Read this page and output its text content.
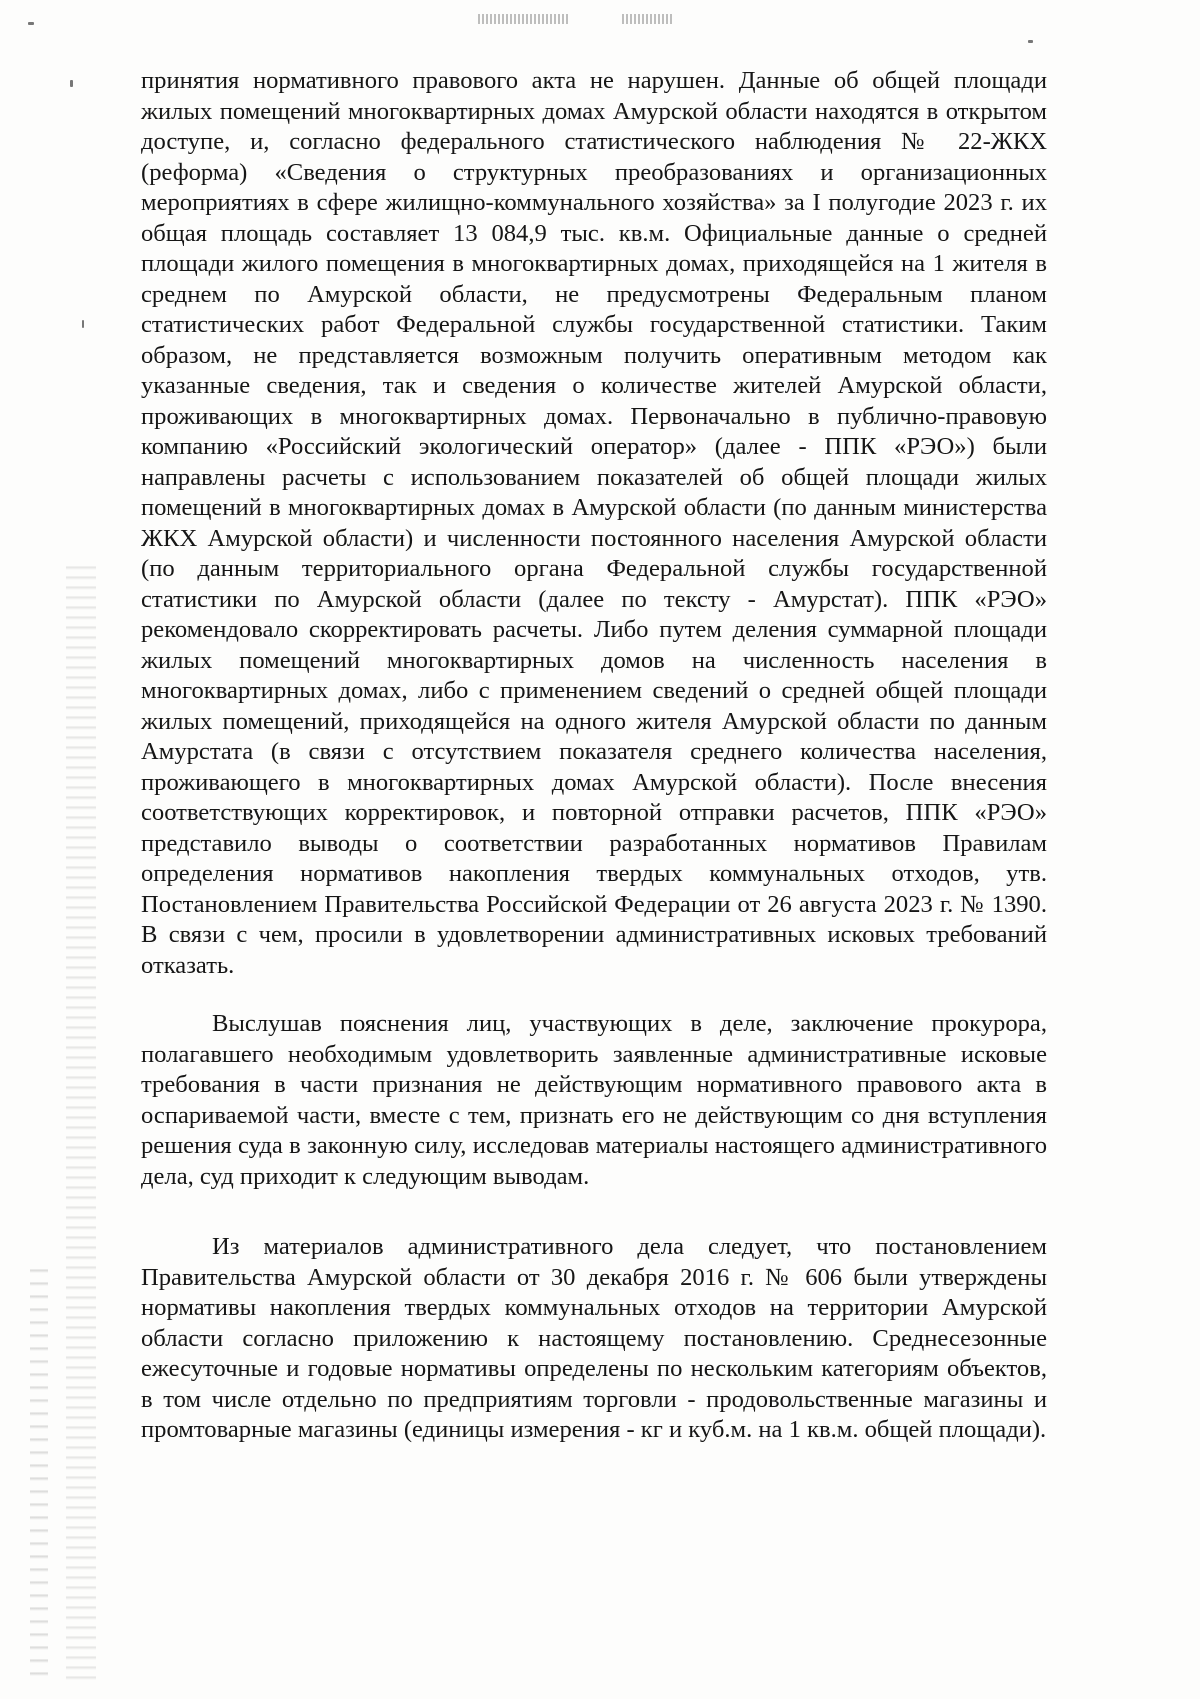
принятия нормативного правового акта не нарушен. Данные об общей площади жилых помещений многоквартирных домах Амурской области находятся в открытом доступе, и, согласно федерального статистического наблюдения № 22-ЖКХ (реформа) «Сведения о структурных преобразованиях и организационных мероприятиях в сфере жилищно-коммунального хозяйства» за I полугодие 2023 г. их общая площадь составляет 13 084,9 тыс. кв.м. Официальные данные о средней площади жилого помещения в многоквартирных домах, приходящейся на 1 жителя в среднем по Амурской области, не предусмотрены Федеральным планом статистических работ Федеральной службы государственной статистики. Таким образом, не представляется возможным получить оперативным методом как указанные сведения, так и сведения о количестве жителей Амурской области, проживающих в многоквартирных домах. Первоначально в публично-правовую компанию «Российский экологический оператор» (далее - ППК «РЭО») были направлены расчеты с использованием показателей об общей площади жилых помещений в многоквартирных домах в Амурской области (по данным министерства ЖКХ Амурской области) и численности постоянного населения Амурской области (по данным территориального органа Федеральной службы государственной статистики по Амурской области (далее по тексту - Амурстат). ППК «РЭО» рекомендовало скорректировать расчеты. Либо путем деления суммарной площади жилых помещений многоквартирных домов на численность населения в многоквартирных домах, либо с применением сведений о средней общей площади жилых помещений, приходящейся на одного жителя Амурской области по данным Амурстата (в связи с отсутствием показателя среднего количества населения, проживающего в многоквартирных домах Амурской области). После внесения соответствующих корректировок, и повторной отправки расчетов, ППК «РЭО» представило выводы о соответствии разработанных нормативов Правилам определения нормативов накопления твердых коммунальных отходов, утв. Постановлением Правительства Российской Федерации от 26 августа 2023 г. № 1390. В связи с чем, просили в удовлетворении административных исковых требований отказать.

Выслушав пояснения лиц, участвующих в деле, заключение прокурора, полагавшего необходимым удовлетворить заявленные административные исковые требования в части признания не действующим нормативного правового акта в оспариваемой части, вместе с тем, признать его не действующим со дня вступления решения суда в законную силу, исследовав материалы настоящего административного дела, суд приходит к следующим выводам.

Из материалов административного дела следует, что постановлением Правительства Амурской области от 30 декабря 2016 г. № 606 были утверждены нормативы накопления твердых коммунальных отходов на территории Амурской области согласно приложению к настоящему постановлению. Среднесезонные ежесуточные и годовые нормативы определены по нескольким категориям объектов, в том числе отдельно по предприятиям торговли - продовольственные магазины и промтоварные магазины (единицы измерения - кг и куб.м. на 1 кв.м. общей площади).
